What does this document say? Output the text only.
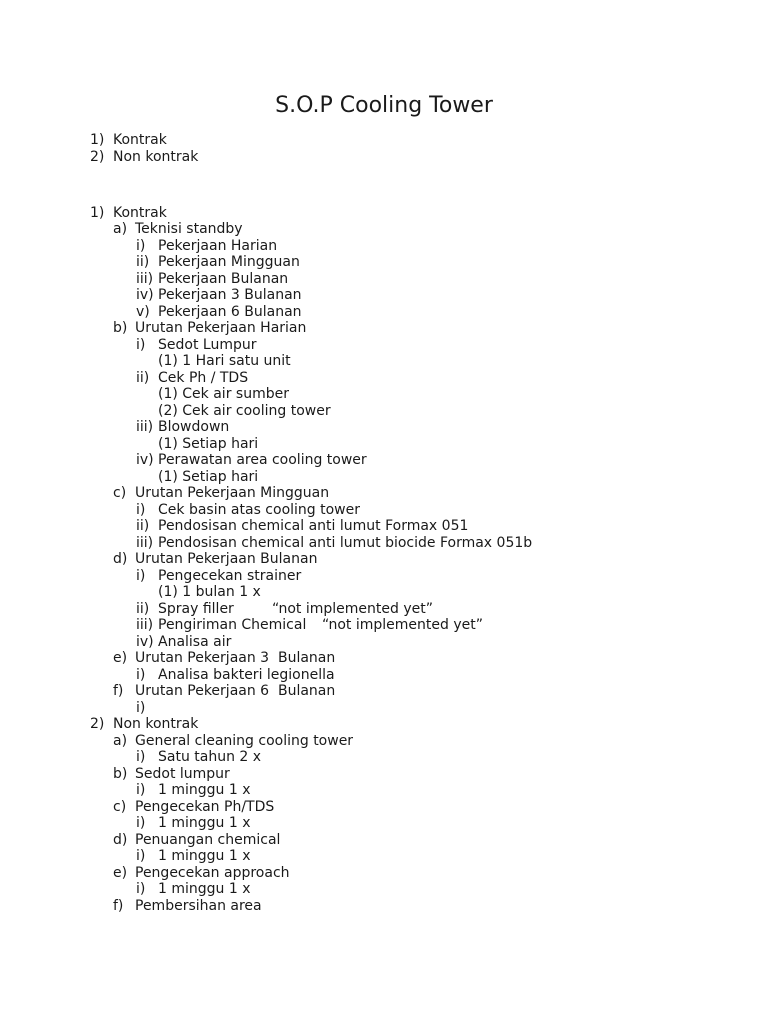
S.O.P Cooling Tower
1) Kontrak
2) Non kontrak
1) Kontrak
a) Teknisi standby
i) Pekerjaan Harian
ii) Pekerjaan Mingguan
iii) Pekerjaan Bulanan
iv) Pekerjaan 3 Bulanan
v) Pekerjaan 6 Bulanan
b) Urutan Pekerjaan Harian
i) Sedot Lumpur
(1) 1 Hari satu unit
ii) Cek Ph / TDS
(1) Cek air sumber
(2) Cek air cooling tower
iii) Blowdown
(1) Setiap hari
iv) Perawatan area cooling tower
(1) Setiap hari
c) Urutan Pekerjaan Mingguan
i) Cek basin atas cooling tower
ii) Pendosisan chemical anti lumut Formax 051
iii) Pendosisan chemical anti lumut biocide Formax 051b
d) Urutan Pekerjaan Bulanan
i) Pengecekan strainer
(1) 1 bulan 1 x
ii) Spray filler	“not implemented yet”
iii) Pengiriman Chemical “not implemented yet”
iv) Analisa air
e) Urutan Pekerjaan 3  Bulanan
i) Analisa bakteri legionella
f) Urutan Pekerjaan 6  Bulanan
i)
2) Non kontrak
a) General cleaning cooling tower
i) Satu tahun 2 x
b) Sedot lumpur
i) 1 minggu 1 x
c) Pengecekan Ph/TDS
i) 1 minggu 1 x
d) Penuangan chemical
i) 1 minggu 1 x
e) Pengecekan approach
i) 1 minggu 1 x
f) Pembersihan area
